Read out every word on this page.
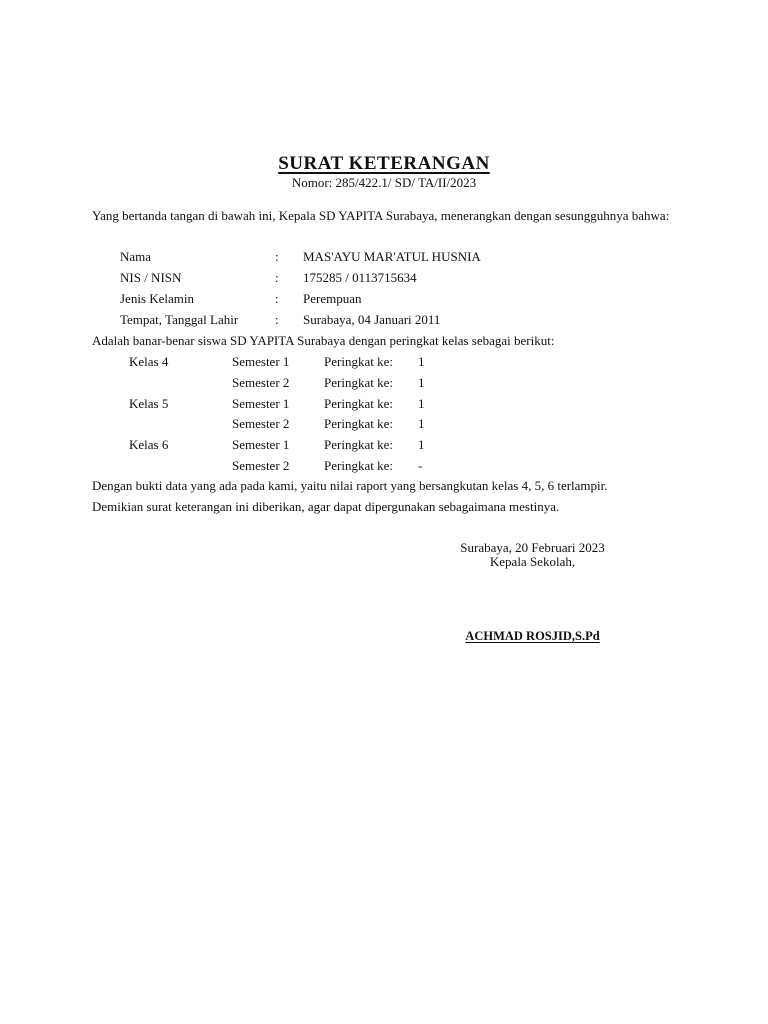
SURAT KETERANGAN
Nomor: 285/422.1/ SD/ TA/II/2023
Yang bertanda tangan di bawah ini, Kepala SD YAPITA Surabaya, menerangkan dengan sesungguhnya bahwa:
Nama	: MAS'AYU MAR'ATUL HUSNIA
NIS / NISN	: 175285 / 0113715634
Jenis Kelamin	: Perempuan
Tempat, Tanggal Lahir	: Surabaya, 04 Januari 2011
Adalah banar-benar siswa SD YAPITA Surabaya dengan peringkat kelas sebagai berikut:
Kelas 4	Semester 1	Peringkat ke: 1
Semester 2	Peringkat ke: 1
Kelas 5	Semester 1	Peringkat ke: 1
Semester 2	Peringkat ke: 1
Kelas 6	Semester 1	Peringkat ke: 1
Semester 2	Peringkat ke: -
Dengan bukti data yang ada pada kami, yaitu nilai raport yang bersangkutan kelas 4, 5, 6 terlampir.
Demikian surat keterangan ini diberikan, agar dapat dipergunakan sebagaimana mestinya.
Surabaya, 20 Februari 2023
Kepala Sekolah,
ACHMAD ROSJID,S.Pd
